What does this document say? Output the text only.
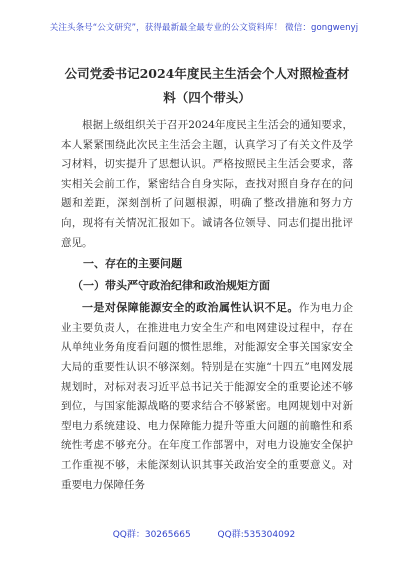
关注头条号“公文研究”，获得最新最全最专业的公文资料库！ 微信：gongwenyj
公司党委书记2024年度民主生活会个人对照检查材料（四个带头）

根据上级组织关于召开2024年度民主生活会的通知要求，本人紧紧围绕此次民主生活会主题，认真学习了有关文件及学习材料，切实提升了思想认识。严格按照民主生活会要求，落实相关会前工作，紧密结合自身实际，查找对照自身存在的问题和差距，深刻剖析了问题根源，明确了整改措施和努力方向，现将有关情况汇报如下。诚请各位领导、同志们提出批评意见。

一、存在的主要问题
（一）带头严守政治纪律和政治规矩方面

一是对保障能源安全的政治属性认识不足。作为电力企业主要负责人，在推进电力安全生产和电网建设过程中，存在从单纯业务角度看问题的惯性思维，对能源安全事关国家安全大局的重要性认识不够深刻。特别是在实施“十四五”电网发展规划时，对标对表习近平总书记关于能源安全的重要论述不够到位，与国家能源战略的要求结合不够紧密。电网规划中对新型电力系统建设、电力保障能力提升等重大问题的前瞻性和系统性考虑不够充分。在年度工作部署中，对电力设施安全保护工作重视不够，未能深刻认识其事关政治安全的重要意义。对重要电力保障任务

QQ群：30265665	QQ群:535304092
